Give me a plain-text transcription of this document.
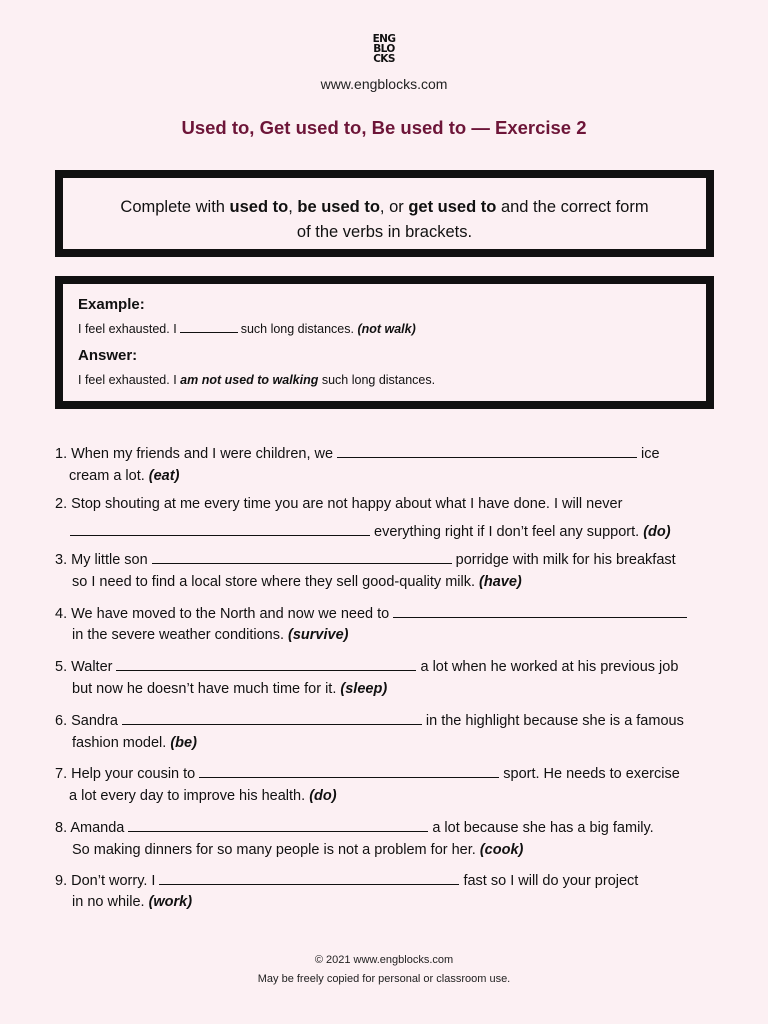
ENG
BLO
CKS
www.engblocks.com
Used to, Get used to, Be used to — Exercise 2
Complete with used to, be used to, or get used to and the correct form
of the verbs in brackets.
Example:
I feel exhausted. I	such long distances. (not walk)
Answer:
I feel exhausted. I am not used to walking such long distances.
1. When my friends and I were children, we	ice
cream a lot. (eat)
2. Stop shouting at me every time you are not happy about what I have done. I will never
everything right if I don’t feel any support. (do)
3. My little son	porridge with milk for his breakfast
so I need to find a local store where they sell good-quality milk. (have)
4. We have moved to the North and now we need to
in the severe weather conditions. (survive)
5. Walter	a lot when he worked at his previous job
but now he doesn’t have much time for it. (sleep)
6. Sandra	in the highlight because she is a famous
fashion model. (be)
7. Help your cousin to	sport. He needs to exercise
a lot every day to improve his health. (do)
8. Amanda	a lot because she has a big family.
So making dinners for so many people is not a problem for her. (cook)
9. Don’t worry. I	fast so I will do your project
in no while. (work)
© 2021 www.engblocks.com
May be freely copied for personal or classroom use.
